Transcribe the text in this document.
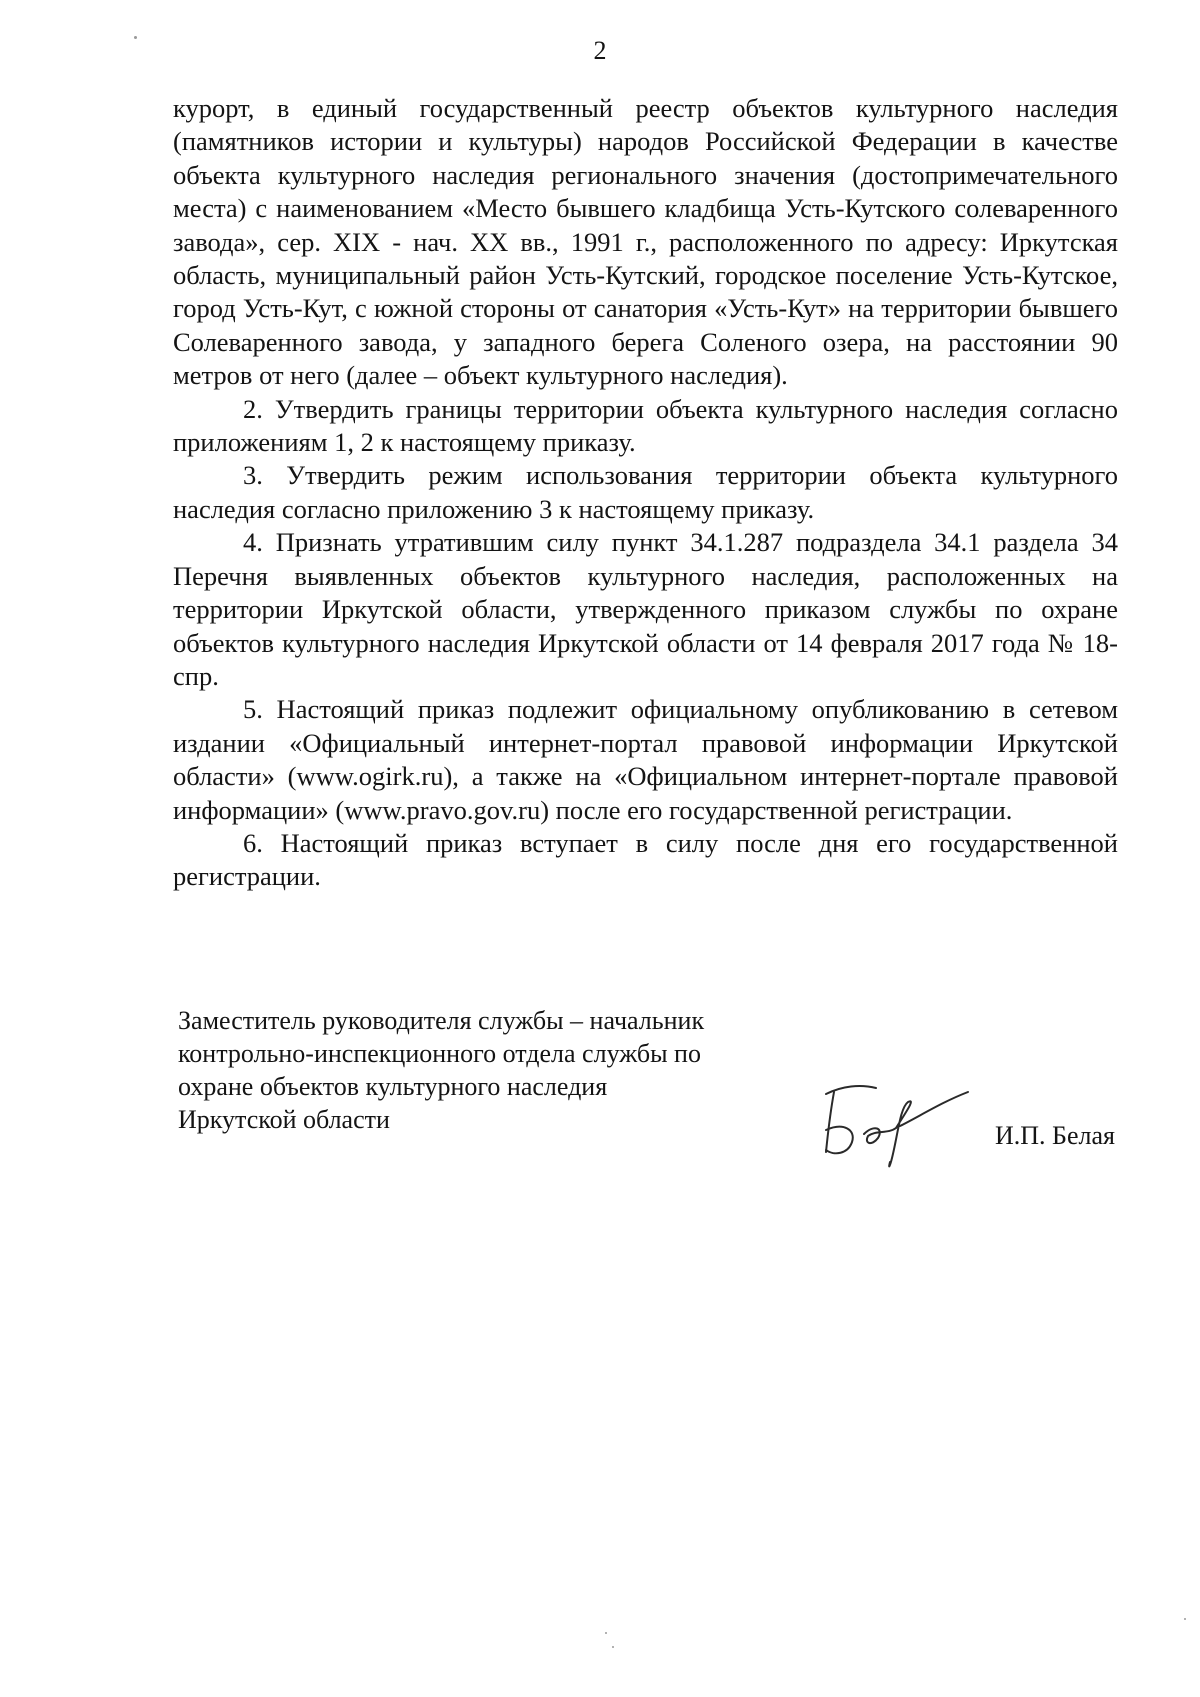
2

курорт, в единый государственный реестр объектов культурного наследия (памятников истории и культуры) народов Российской Федерации в качестве объекта культурного наследия регионального значения (достопримечательного места) с наименованием «Место бывшего кладбища Усть-Кутского солеваренного завода», сер. XIX - нач. XX вв., 1991 г., расположенного по адресу: Иркутская область, муниципальный район Усть-Кутский, городское поселение Усть-Кутское, город Усть-Кут, с южной стороны от санатория «Усть-Кут» на территории бывшего Солеваренного завода, у западного берега Соленого озера, на расстоянии 90 метров от него (далее – объект культурного наследия).

2. Утвердить границы территории объекта культурного наследия согласно приложениям 1, 2 к настоящему приказу.

3. Утвердить режим использования территории объекта культурного наследия согласно приложению 3 к настоящему приказу.

4. Признать утратившим силу пункт 34.1.287 подраздела 34.1 раздела 34 Перечня выявленных объектов культурного наследия, расположенных на территории Иркутской области, утвержденного приказом службы по охране объектов культурного наследия Иркутской области от 14 февраля 2017 года № 18-спр.

5. Настоящий приказ подлежит официальному опубликованию в сетевом издании «Официальный интернет-портал правовой информации Иркутской области» (www.ogirk.ru), а также на «Официальном интернет-портале правовой информации» (www.pravo.gov.ru) после его государственной регистрации.

6. Настоящий приказ вступает в силу после дня его государственной регистрации.

Заместитель руководителя службы – начальник
контрольно-инспекционного отдела службы по
охране объектов культурного наследия
Иркутской области
И.П. Белая
